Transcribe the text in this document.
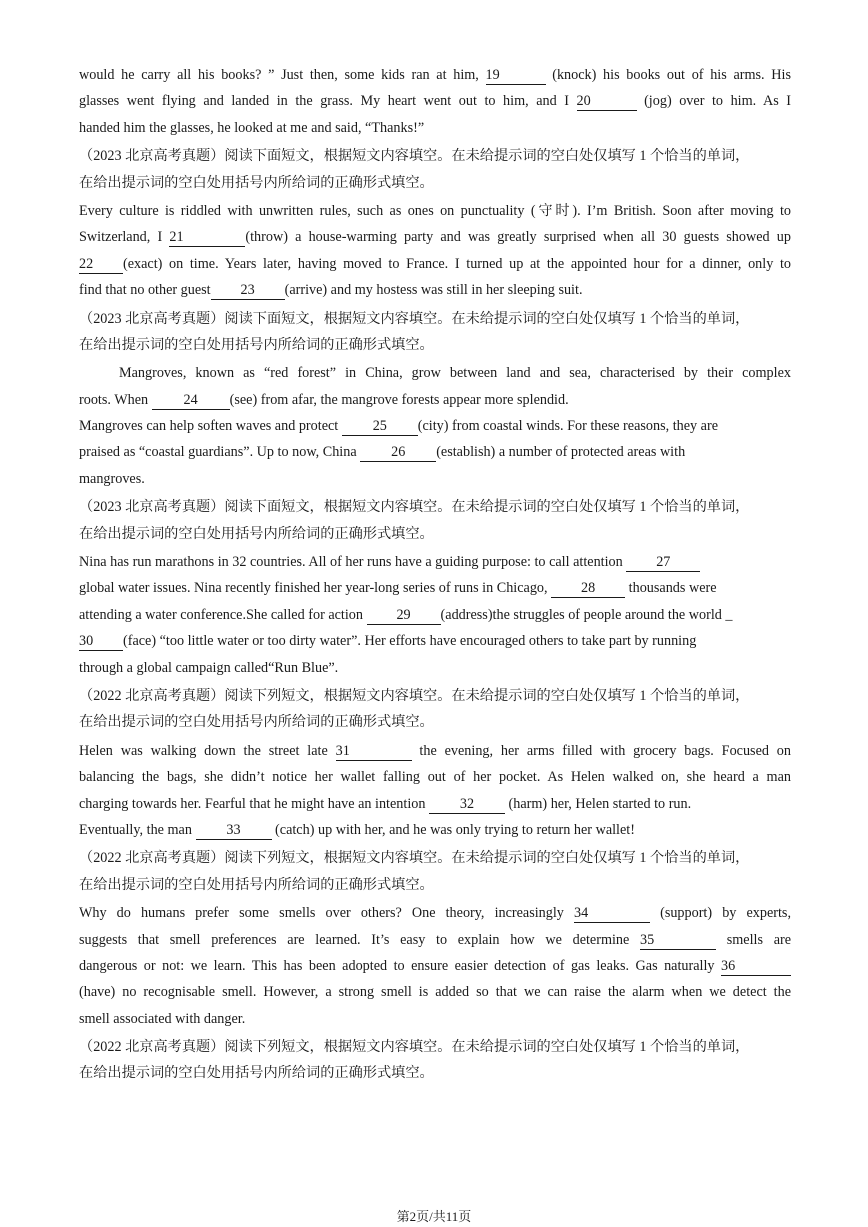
would he carry all his books? ” Just then, some kids ran at him, 19	(knock) his books out of his arms. His
glasses went flying and landed in the grass. My heart went out to him, and I 20	(jog) over to him. As I
handed him the glasses, he looked at me and said, “Thanks!”
（2023 北京高考真题）阅读下面短文，根据短文内容填空。在未给提示词的空白处仅填写 1 个恰当的单词，
在给出提示词的空白处用括号内所给词的正确形式填空。
Every culture is riddled with unwritten rules, such as ones on punctuality (守时). I’m British. Soon after moving to
Switzerland, I 21	(throw) a house-warming party and was greatly surprised when all 30 guests showed up
22 (exact) on time. Years later, having moved to France. I turned up at the appointed hour for a dinner, only to
find that no other guest 23 (arrive) and my hostess was still in her sleeping suit.
（2023 北京高考真题）阅读下面短文，根据短文内容填空。在未给提示词的空白处仅填写 1 个恰当的单词，
在给出提示词的空白处用括号内所给词的正确形式填空。
Mangroves, known as “red forest” in China, grow between land and sea, characterised by their complex
roots. When 24 (see) from afar, the mangrove forests appear more splendid.
Mangroves can help soften waves and protect 25 (city) from coastal winds. For these reasons, they are
praised as “coastal guardians”. Up to now, China 26 (establish) a number of protected areas with
mangroves.
（2023 北京高考真题）阅读下面短文，根据短文内容填空。在未给提示词的空白处仅填写 1 个恰当的单词，
在给出提示词的空白处用括号内所给词的正确形式填空。
Nina has run marathons in 32 countries. All of her runs have a guiding purpose: to call attention 27
global water issues. Nina recently finished her year-long series of runs in Chicago, 28 thousands were
attending a water conference.She called for action 29 (address)the struggles of people around the world _
30 (face) “too little water or too dirty water”. Her efforts have encouraged others to take part by running
through a global campaign called“Run Blue”.
（2022 北京高考真题）阅读下列短文，根据短文内容填空。在未给提示词的空白处仅填写 1 个恰当的单词，
在给出提示词的空白处用括号内所给词的正确形式填空。
Helen was walking down the street late 31	the evening, her arms filled with grocery bags. Focused on
balancing the bags, she didn’t notice her wallet falling out of her pocket. As Helen walked on, she heard a man
charging towards her. Fearful that he might have an intention 32 (harm) her, Helen started to run.
Eventually, the man 33 (catch) up with her, and he was only trying to return her wallet!
（2022 北京高考真题）阅读下列短文，根据短文内容填空。在未给提示词的空白处仅填写 1 个恰当的单词，
在给出提示词的空白处用括号内所给词的正确形式填空。
Why do humans prefer some smells over others? One theory, increasingly 34	(support) by experts,
suggests that smell preferences are learned. It’s easy to explain how we determine 35	smells are
dangerous or not: we learn. This has been adopted to ensure easier detection of gas leaks. Gas naturally 36
(have) no recognisable smell. However, a strong smell is added so that we can raise the alarm when we detect the
smell associated with danger.
（2022 北京高考真题）阅读下列短文，根据短文内容填空。在未给提示词的空白处仅填写 1 个恰当的单词，
在给出提示词的空白处用括号内所给词的正确形式填空。
第2页/共11页
